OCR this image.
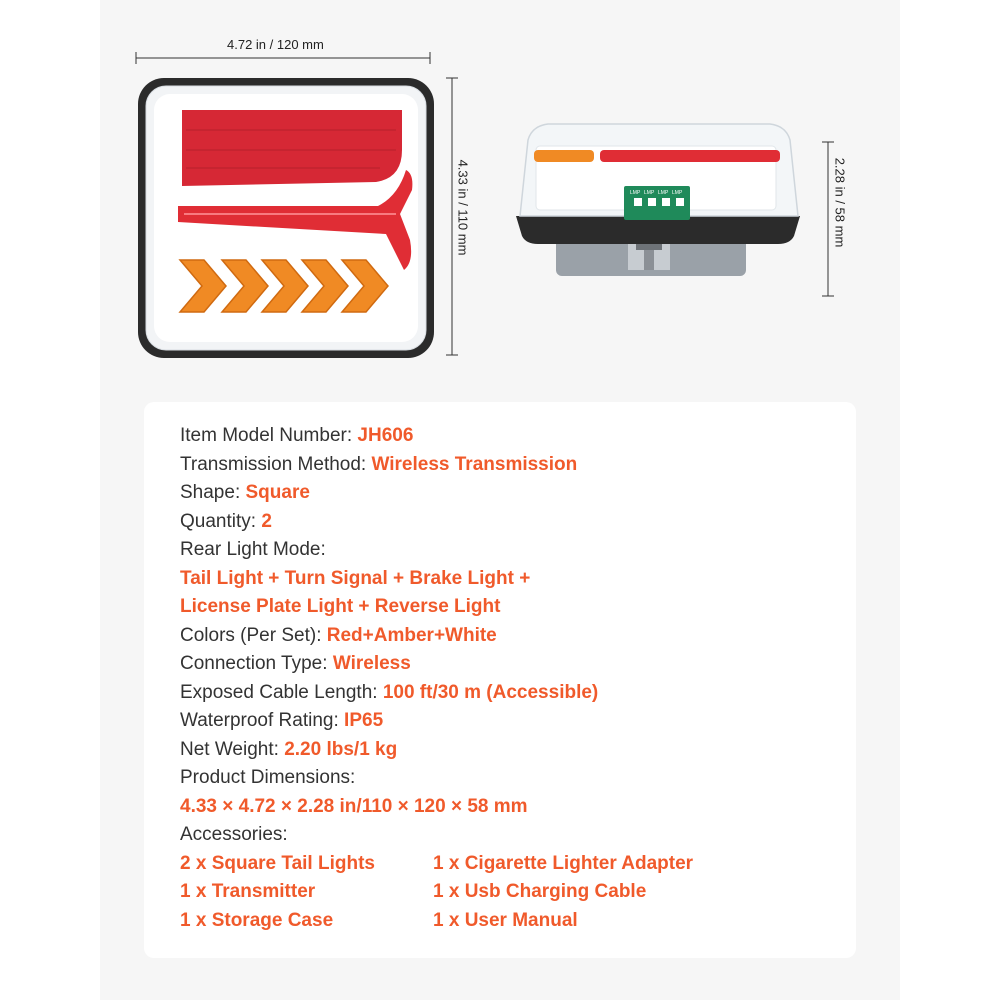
LMP LMP LMP LMP
4.72 in / 120 mm
4.33 in / 110 mm	2.28 in / 58 mm
Item Model Number: JH606
Transmission Method: Wireless Transmission
Shape: Square
Quantity: 2
Rear Light Mode:
Tail Light + Turn Signal + Brake Light +
License Plate Light + Reverse Light
Colors (Per Set): Red+Amber+White
Connection Type: Wireless
Exposed Cable Length: 100 ft/30 m (Accessible)
Waterproof Rating: IP65
Net Weight: 2.20 lbs/1 kg
Product Dimensions:
4.33 × 4.72 × 2.28 in/110 × 120 × 58 mm
Accessories:
2 x Square Tail Lights	1 x Cigarette Lighter Adapter
1 x Transmitter	1 x Usb Charging Cable
1 x Storage Case	1 x User Manual
